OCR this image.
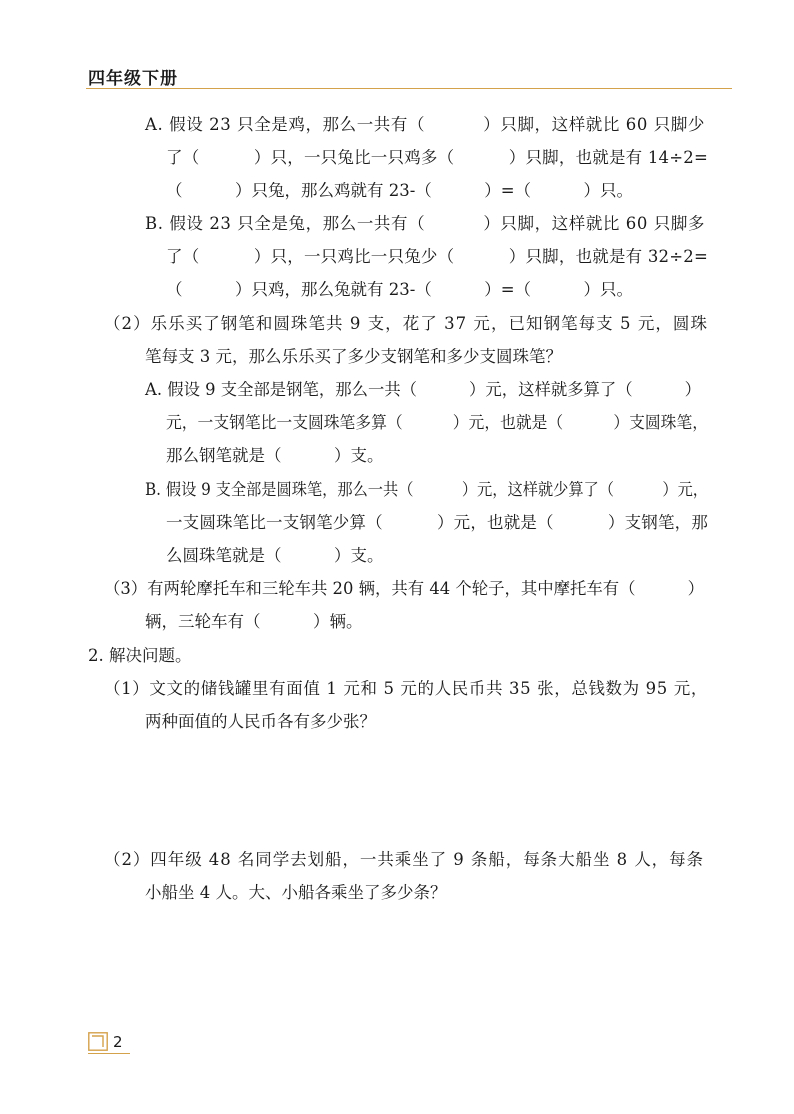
四年级下册
A. 假设 23 只全是鸡，那么一共有（          ）只脚，这样就比 60 只脚少
了（          ）只，一只兔比一只鸡多（          ）只脚，也就是有 14÷2=
（          ）只兔，那么鸡就有 23-（          ）=（          ）只。
B. 假设 23 只全是兔，那么一共有（          ）只脚，这样就比 60 只脚多
了（          ）只，一只鸡比一只兔少（          ）只脚，也就是有 32÷2=
（          ）只鸡，那么兔就有 23-（          ）=（          ）只。
（2）乐乐买了钢笔和圆珠笔共 9 支，花了 37 元，已知钢笔每支 5 元，圆珠
笔每支 3 元，那么乐乐买了多少支钢笔和多少支圆珠笔？
A. 假设 9 支全部是钢笔，那么一共（          ）元，这样就多算了（          ）
元，一支钢笔比一支圆珠笔多算（          ）元，也就是（          ）支圆珠笔，
那么钢笔就是（          ）支。
B. 假设 9 支全部是圆珠笔，那么一共（          ）元，这样就少算了（          ）元，
一支圆珠笔比一支钢笔少算（          ）元，也就是（          ）支钢笔，那
么圆珠笔就是（          ）支。
（3）有两轮摩托车和三轮车共 20 辆，共有 44 个轮子，其中摩托车有（          ）
辆，三轮车有（          ）辆。
2. 解决问题。
（1）文文的储钱罐里有面值 1 元和 5 元的人民币共 35 张，总钱数为 95 元，
两种面值的人民币各有多少张？
（2）四年级 48 名同学去划船，一共乘坐了 9 条船，每条大船坐 8 人，每条
小船坐 4 人。大、小船各乘坐了多少条？
2
